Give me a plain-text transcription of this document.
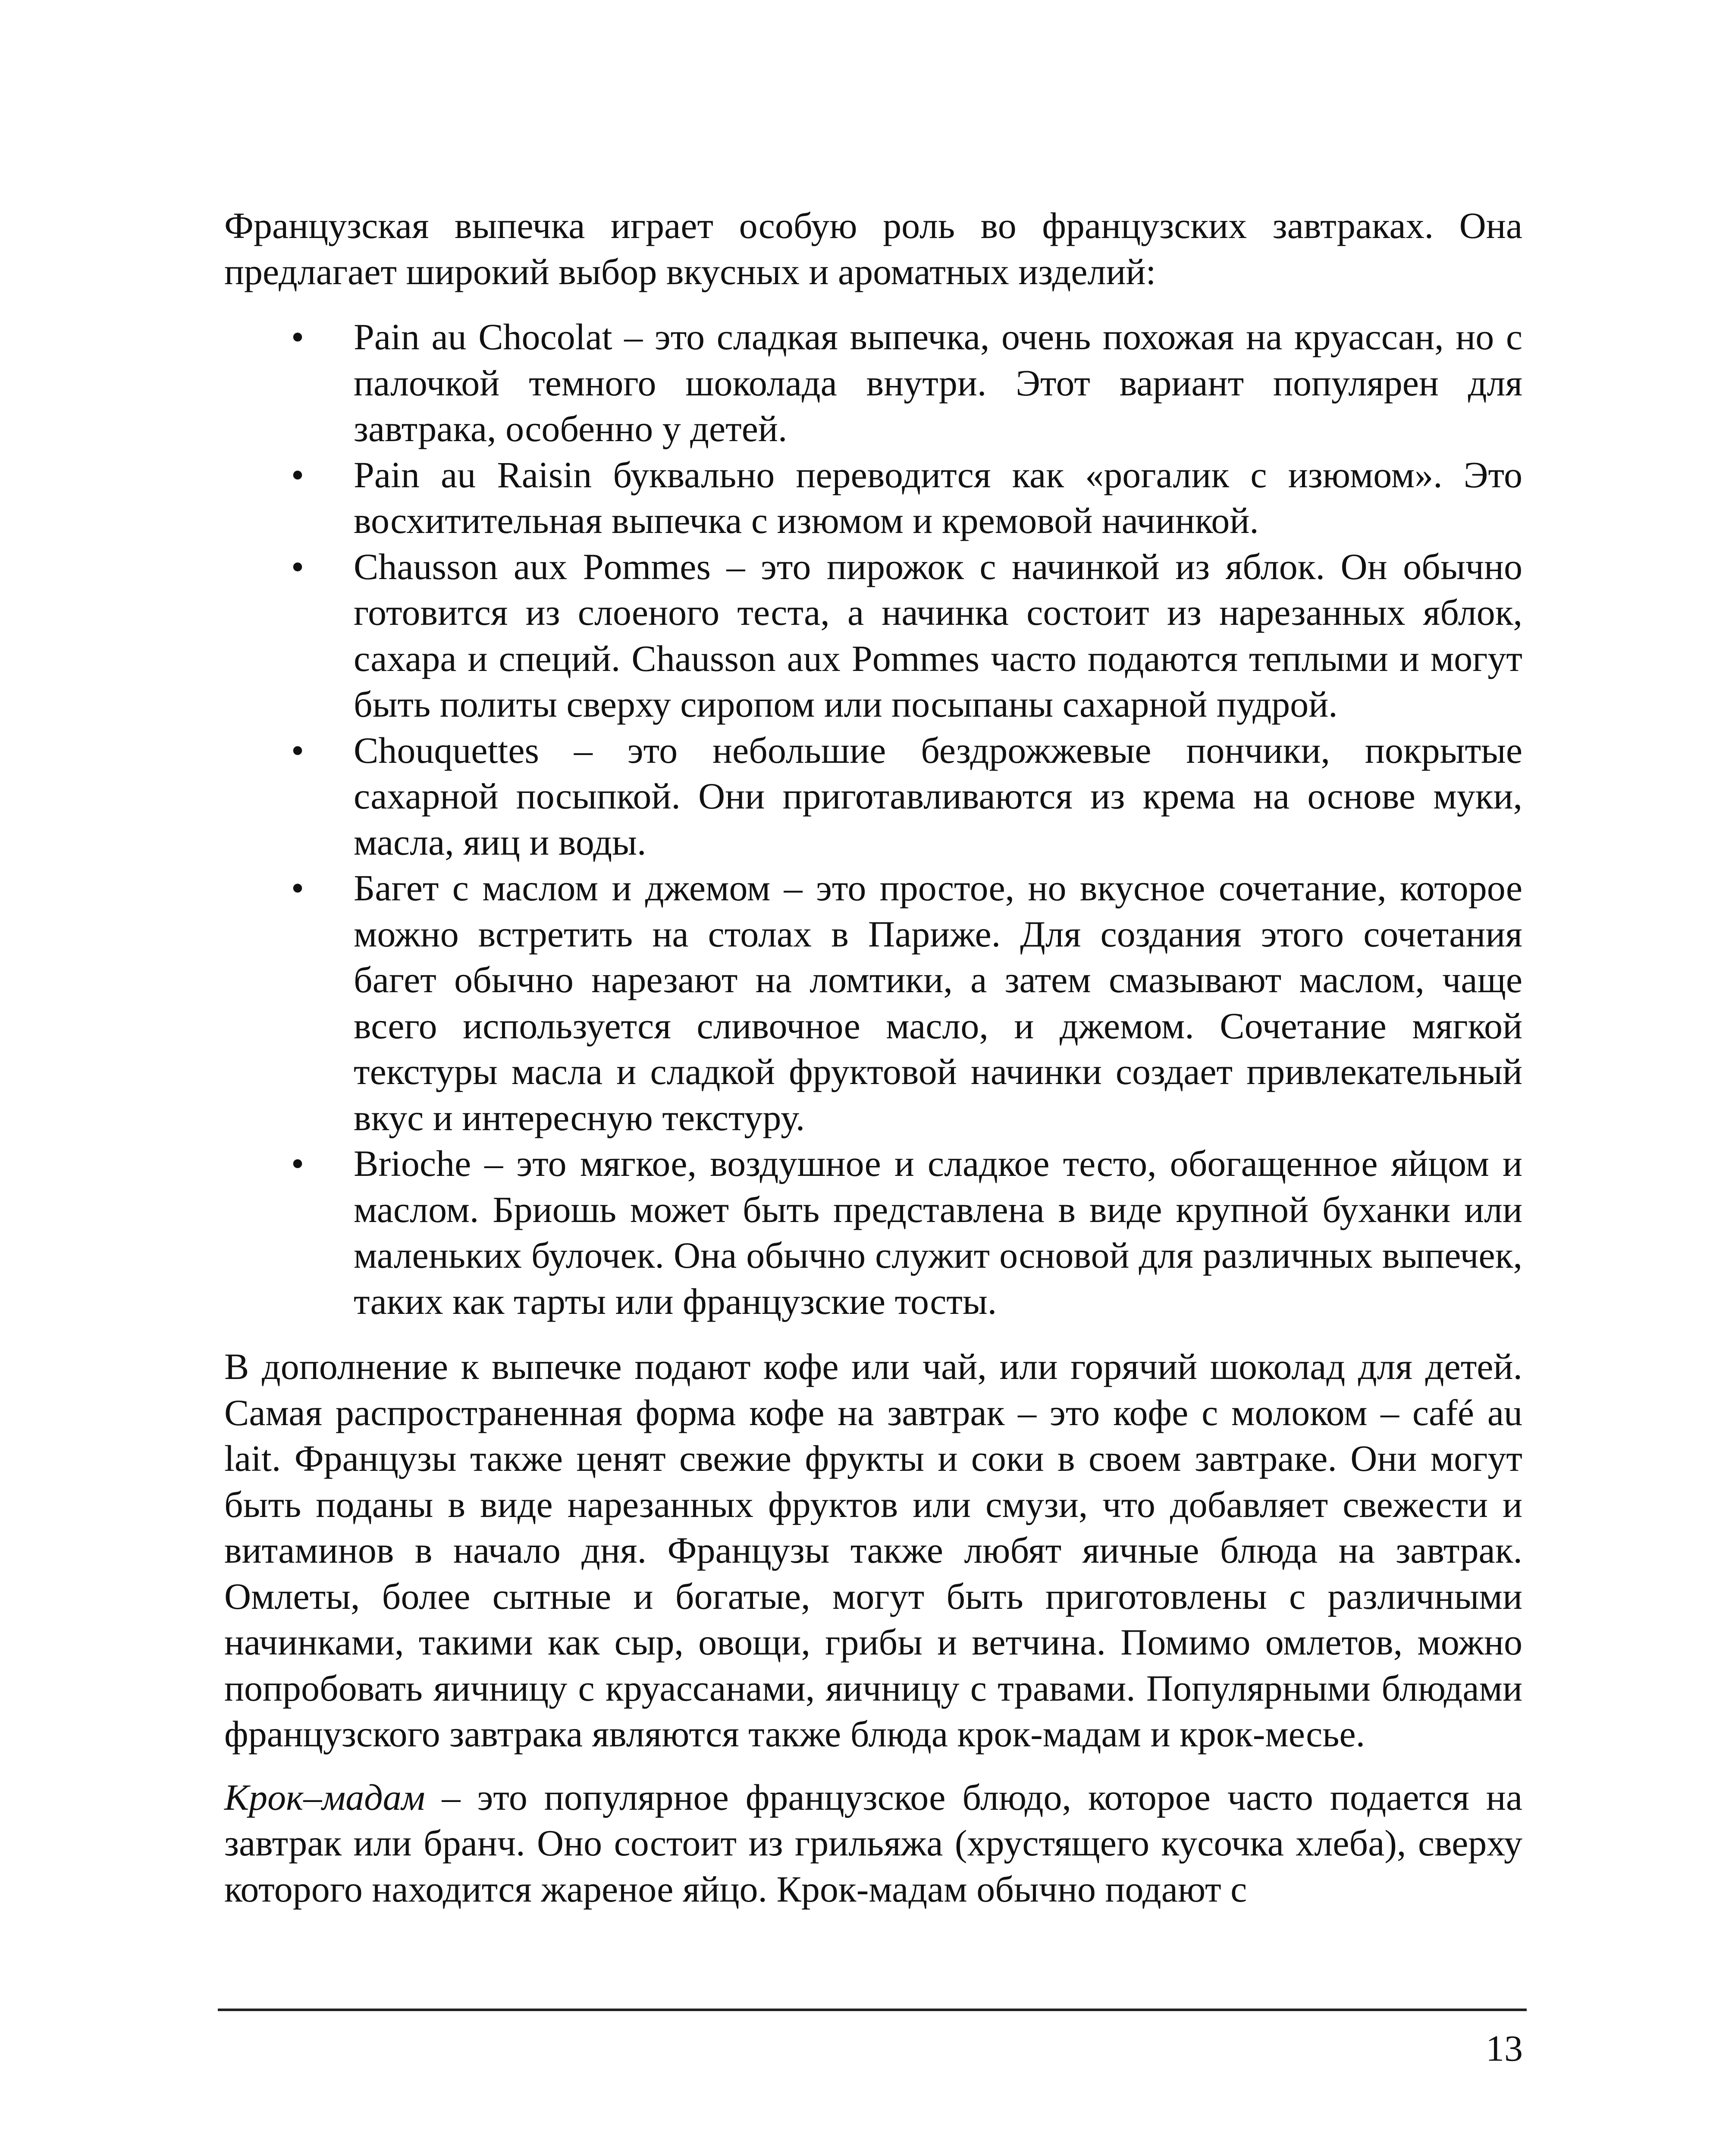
Французская выпечка играет особую роль во французских завтраках. Она предлагает широкий выбор вкусных и ароматных изделий:

• Pain au Chocolat – это сладкая выпечка, очень похожая на круассан, но с палочкой темного шоколада внутри. Этот вариант популярен для завтрака, особенно у детей.
• Pain au Raisin буквально переводится как «рогалик с изюмом». Это восхитительная выпечка с изюмом и кремовой начинкой.
• Chausson aux Pommes – это пирожок с начинкой из яблок. Он обычно готовится из слоеного теста, а начинка состоит из нарезанных яблок, сахара и специй. Chausson aux Pommes часто подаются теплыми и могут быть политы сверху сиропом или посыпаны сахарной пудрой.
• Chouquettes – это небольшие бездрожжевые пончики, покрытые сахарной посыпкой. Они приготавливаются из крема на основе муки, масла, яиц и воды.
• Багет с маслом и джемом – это простое, но вкусное сочетание, которое можно встретить на столах в Париже. Для создания этого сочетания багет обычно нарезают на ломтики, а затем смазывают маслом, чаще всего используется сливочное масло, и джемом. Сочетание мягкой текстуры масла и сладкой фруктовой начинки создает привлекательный вкус и интересную текстуру.
• Brioche – это мягкое, воздушное и сладкое тесто, обогащенное яйцом и маслом. Бриошь может быть представлена в виде крупной буханки или маленьких булочек. Она обычно служит основой для различных выпечек, таких как тарты или французские тосты.

В дополнение к выпечке подают кофе или чай, или горячий шоколад для детей. Самая распространенная форма кофе на завтрак – это кофе с молоком – café au lait. Французы также ценят свежие фрукты и соки в своем завтраке. Они могут быть поданы в виде нарезанных фруктов или смузи, что добавляет свежести и витаминов в начало дня. Французы также любят яичные блюда на завтрак. Омлеты, более сытные и богатые, могут быть приготовлены с различными начинками, такими как сыр, овощи, грибы и ветчина. Помимо омлетов, можно попробовать яичницу с круассанами, яичницу с травами. Популярными блюдами французского завтрака являются также блюда крок-мадам и крок-месье.

Крок–мадам – это популярное французское блюдо, которое часто подается на завтрак или бранч. Оно состоит из грильяжа (хрустящего кусочка хлеба), сверху которого находится жареное яйцо. Крок-мадам обычно подают с

13
